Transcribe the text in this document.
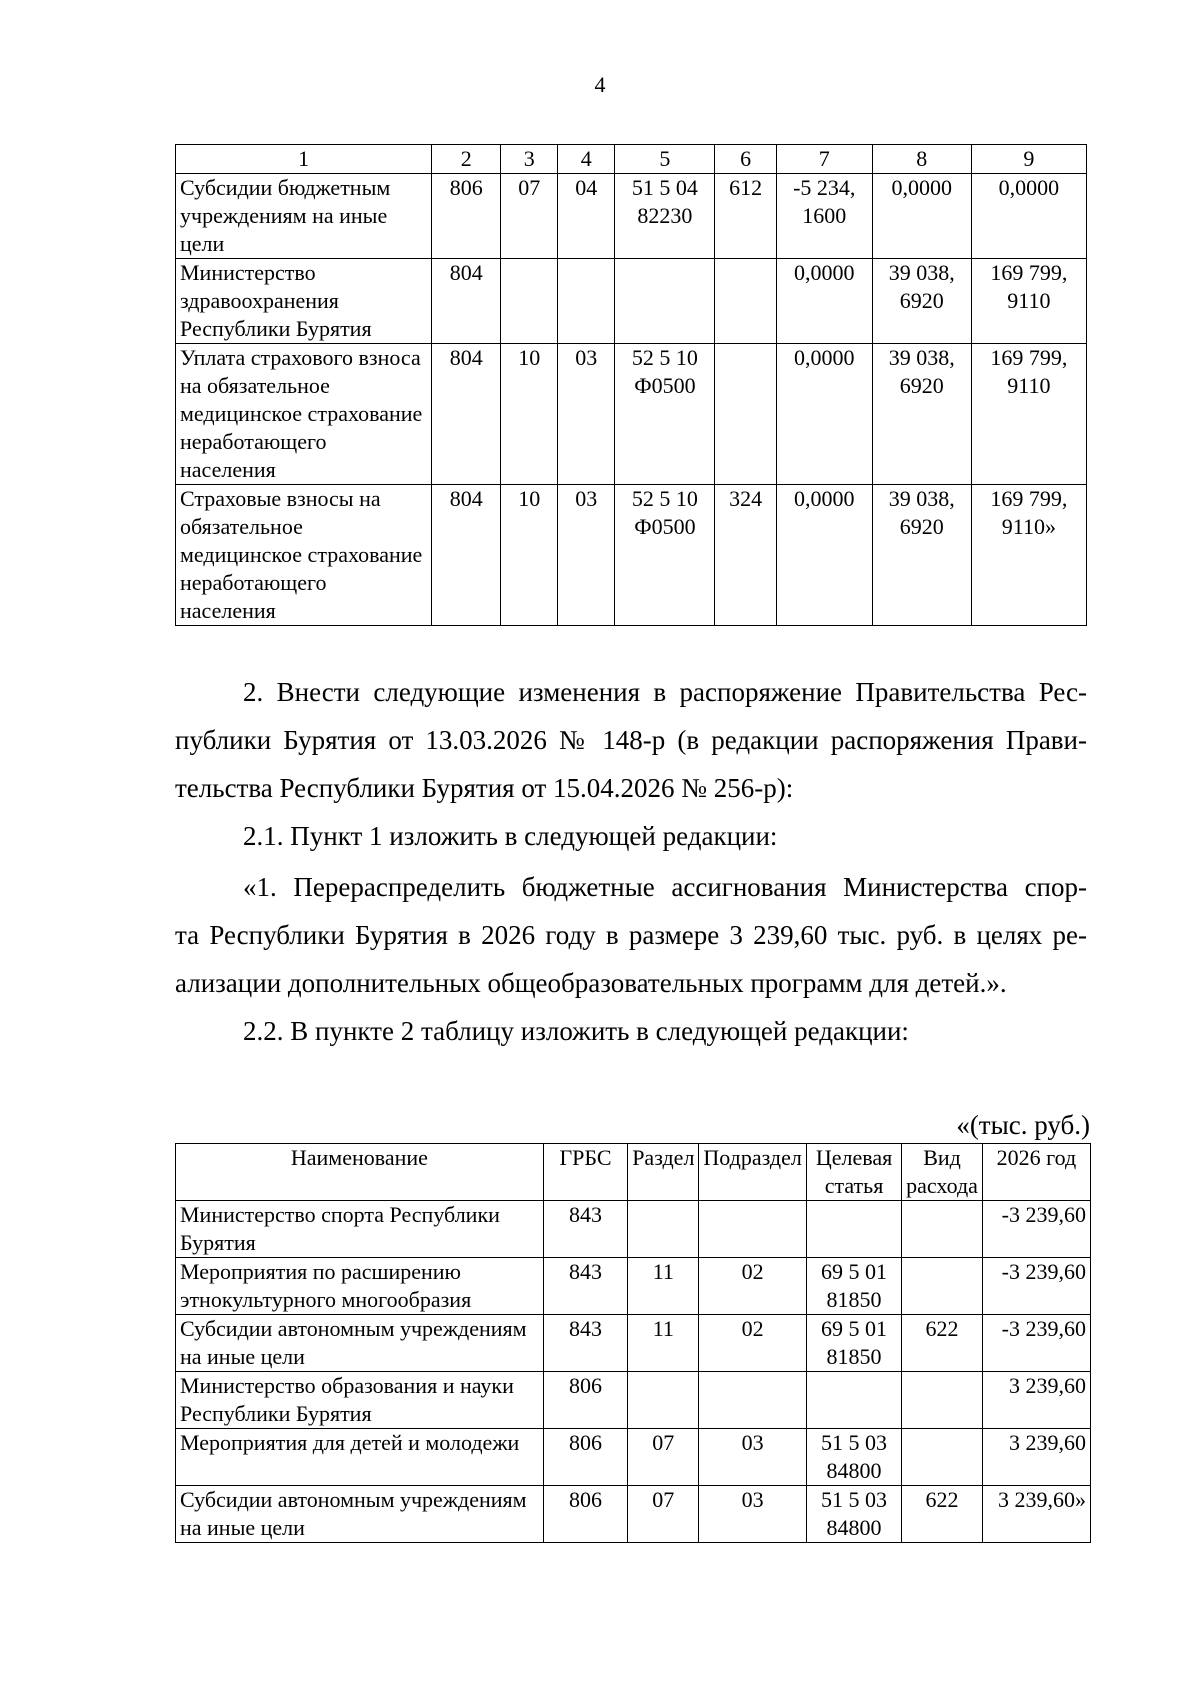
4
1	2	3	4	5	6	7	8	9
Субсидии бюджетным учреждениям на иные цели	806	07	04	51 5 04 82230	612	-5 234, 1600	0,0000	0,0000
Министерство здравоохранения Республики Бурятия	804					0,0000	39 038, 6920	169 799, 9110
Уплата страхового взноса на обязательное медицинское страхование неработающего населения	804	10	03	52 5 10 Ф0500		0,0000	39 038, 6920	169 799, 9110
Страховые взносы на обязательное медицинское страхование неработающего населения	804	10	03	52 5 10 Ф0500	324	0,0000	39 038, 6920	169 799, 9110»
2. Внести следующие изменения в распоряжение Правительства Рес-
публики Бурятия от 13.03.2026 № 148-р (в редакции распоряжения Прави-
тельства Республики Бурятия от 15.04.2026 № 256-р):
2.1. Пункт 1 изложить в следующей редакции:
«1. Перераспределить бюджетные ассигнования Министерства спор-
та Республики Бурятия в 2026 году в размере 3 239,60 тыс. руб. в целях ре-
ализации дополнительных общеобразовательных программ для детей.».
2.2. В пункте 2 таблицу изложить в следующей редакции:
«(тыс. руб.)
Наименование	ГРБС	Раздел	Подраздел	Целевая статья	Вид расхода	2026 год
Министерство спорта Республики Бурятия	843					-3 239,60
Мероприятия по расширению этнокультурного многообразия	843	11	02	69 5 01 81850		-3 239,60
Субсидии автономным учреждениям на иные цели	843	11	02	69 5 01 81850	622	-3 239,60
Министерство образования и науки Республики Бурятия	806					3 239,60
Мероприятия для детей и молодежи	806	07	03	51 5 03 84800		3 239,60
Субсидии автономным учреждениям на иные цели	806	07	03	51 5 03 84800	622	3 239,60»
